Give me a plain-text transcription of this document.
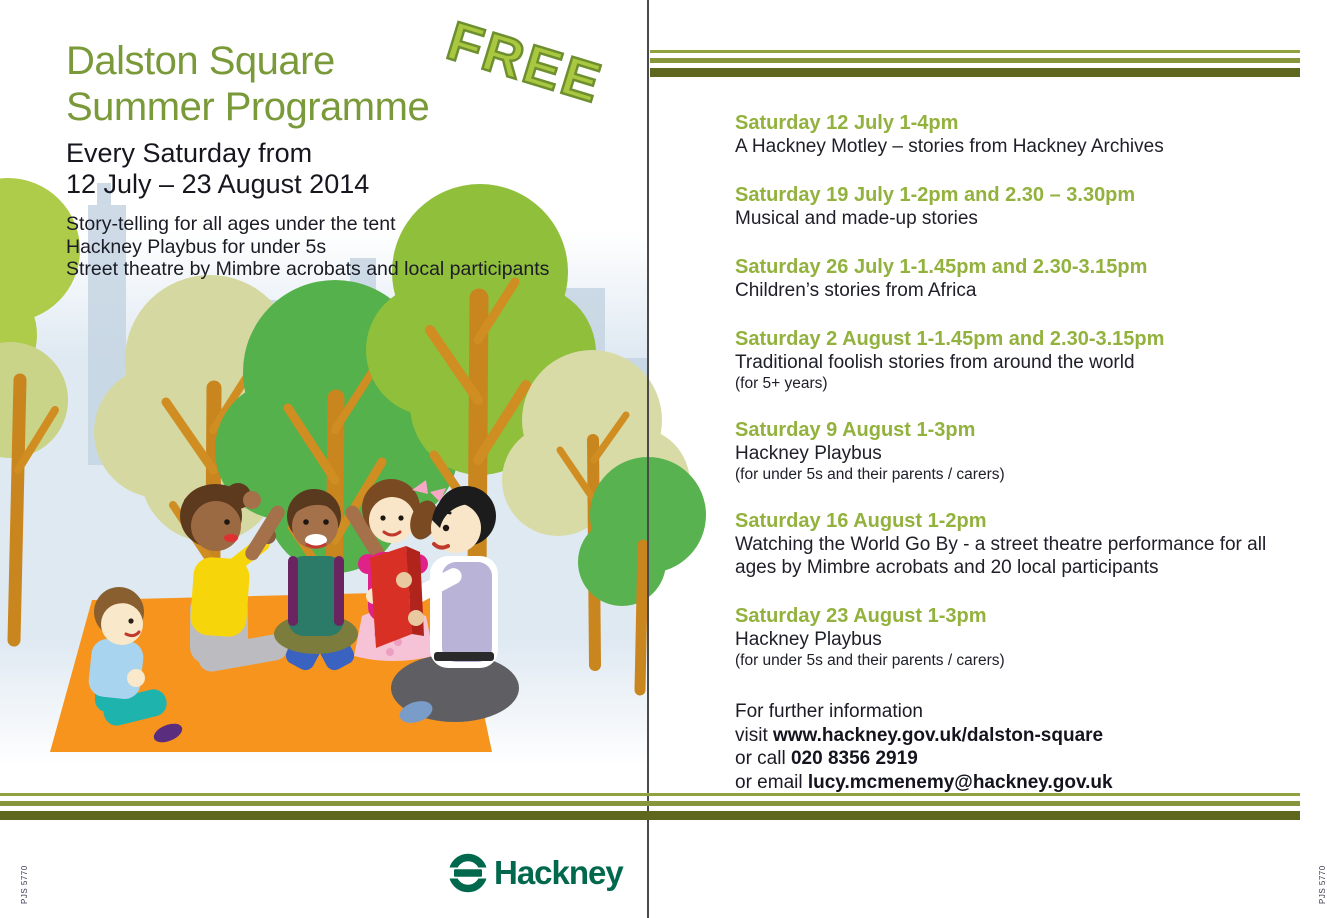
Dalston Square
Summer Programme FREE
Every Saturday from
12 July – 23 August 2014
Story-telling for all ages under the tent
Hackney Playbus for under 5s
Street theatre by Mimbre acrobats and local participants
Hackney
PJS 5770
Saturday 12 July 1-4pm
A Hackney Motley – stories from Hackney Archives
Saturday 19 July 1-2pm and 2.30 – 3.30pm
Musical and made-up stories
Saturday 26 July 1-1.45pm and 2.30-3.15pm
Children’s stories from Africa
Saturday 2 August 1-1.45pm and 2.30-3.15pm
Traditional foolish stories from around the world
(for 5+ years)
Saturday 9 August 1-3pm
Hackney Playbus
(for under 5s and their parents / carers)
Saturday 16 August 1-2pm
Watching the World Go By - a street theatre performance for all ages by Mimbre acrobats and 20 local participants
Saturday 23 August 1-3pm
Hackney Playbus
(for under 5s and their parents / carers)
For further information
visit www.hackney.gov.uk/dalston-square
or call 020 8356 2919
or email lucy.mcmenemy@hackney.gov.uk
PJS 5770
